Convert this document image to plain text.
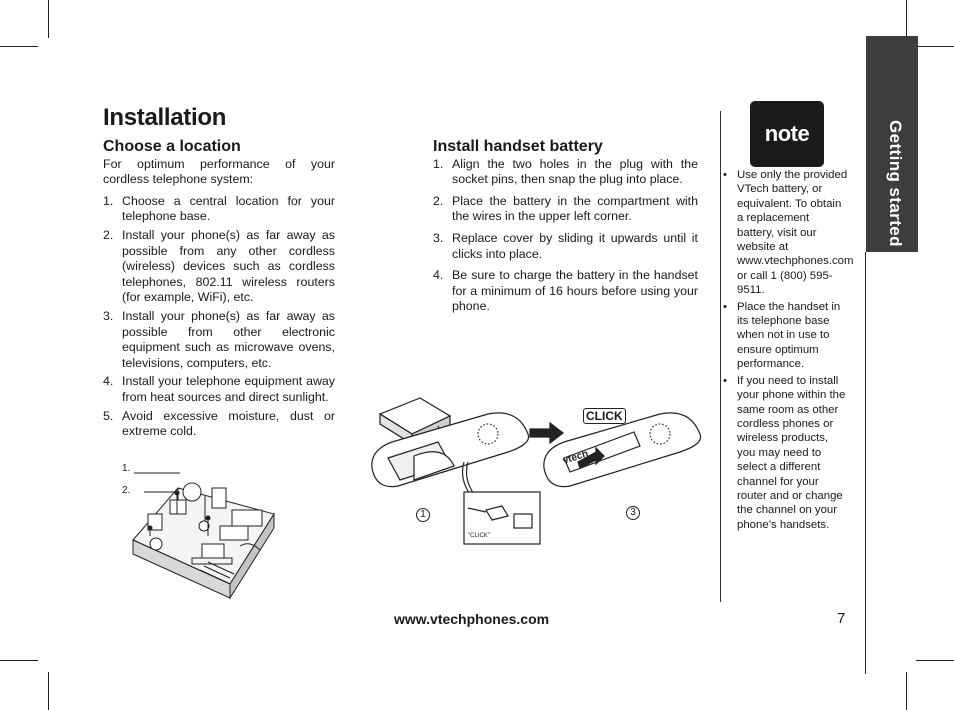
Installation
Choose a location
For optimum performance of your cordless telephone system:
1. Choose a central location for your telephone base.
2. Install your phone(s) as far away as possible from any other cordless (wireless) devices such as cordless telephones, 802.11 wireless routers (for example, WiFi), etc.
3. Install your phone(s) as far away as possible from other electronic equipment such as microwave ovens, televisions, computers, etc.
4. Install your telephone equipment away from heat sources and direct sunlight.
5. Avoid excessive moisture, dust or extreme cold.
1.
2.
Install handset battery
1. Align the two holes in the plug with the socket pins, then snap the plug into place.
2. Place the battery in the compartment with the wires in the upper left corner.
3. Replace cover by sliding it upwards until it clicks into place.
4. Be sure to charge the battery in the handset for a minimum of 16 hours before using your phone.
"CLICK"
vtech
CLICK
1	3
note
• Use only the provided VTech battery, or equivalent. To obtain a replacement battery, visit our website at www.vtechphones.com or call 1 (800) 595-9511.
• Place the handset in its telephone base when not in use to ensure optimum performance.
• If you need to install your phone within the same room as other cordless phones or wireless products, you may need to select a different channel for your router and or change the channel on your phone’s handsets.
Getting started
www.vtechphones.com	7
